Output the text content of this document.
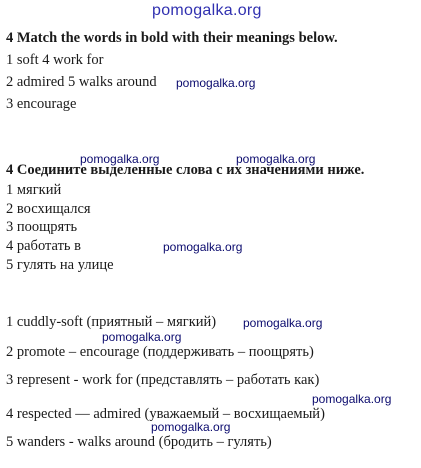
pomogalka.org
4 Match the words in bold with their meanings below.
1 soft 4 work for
2 admired 5 walks around pomogalka.org
3 encourage
pomogalka.org	pomogalka.org
4 Соедините выделенные слова с их значениями ниже.
1 мягкий
2 восхищался
3 поощрять
4 работать в	pomogalka.org
5 гулять на улице
1 cuddly-soft (приятный – мягкий) pomogalka.org
pomogalka.org
2 promote – encourage (поддерживать – поощрять)
3 represent - work for (представлять – работать как)
pomogalka.org
4 respected — admired (уважаемый – восхищаемый)
pomogalka.org
5 wanders - walks around (бродить – гулять)
